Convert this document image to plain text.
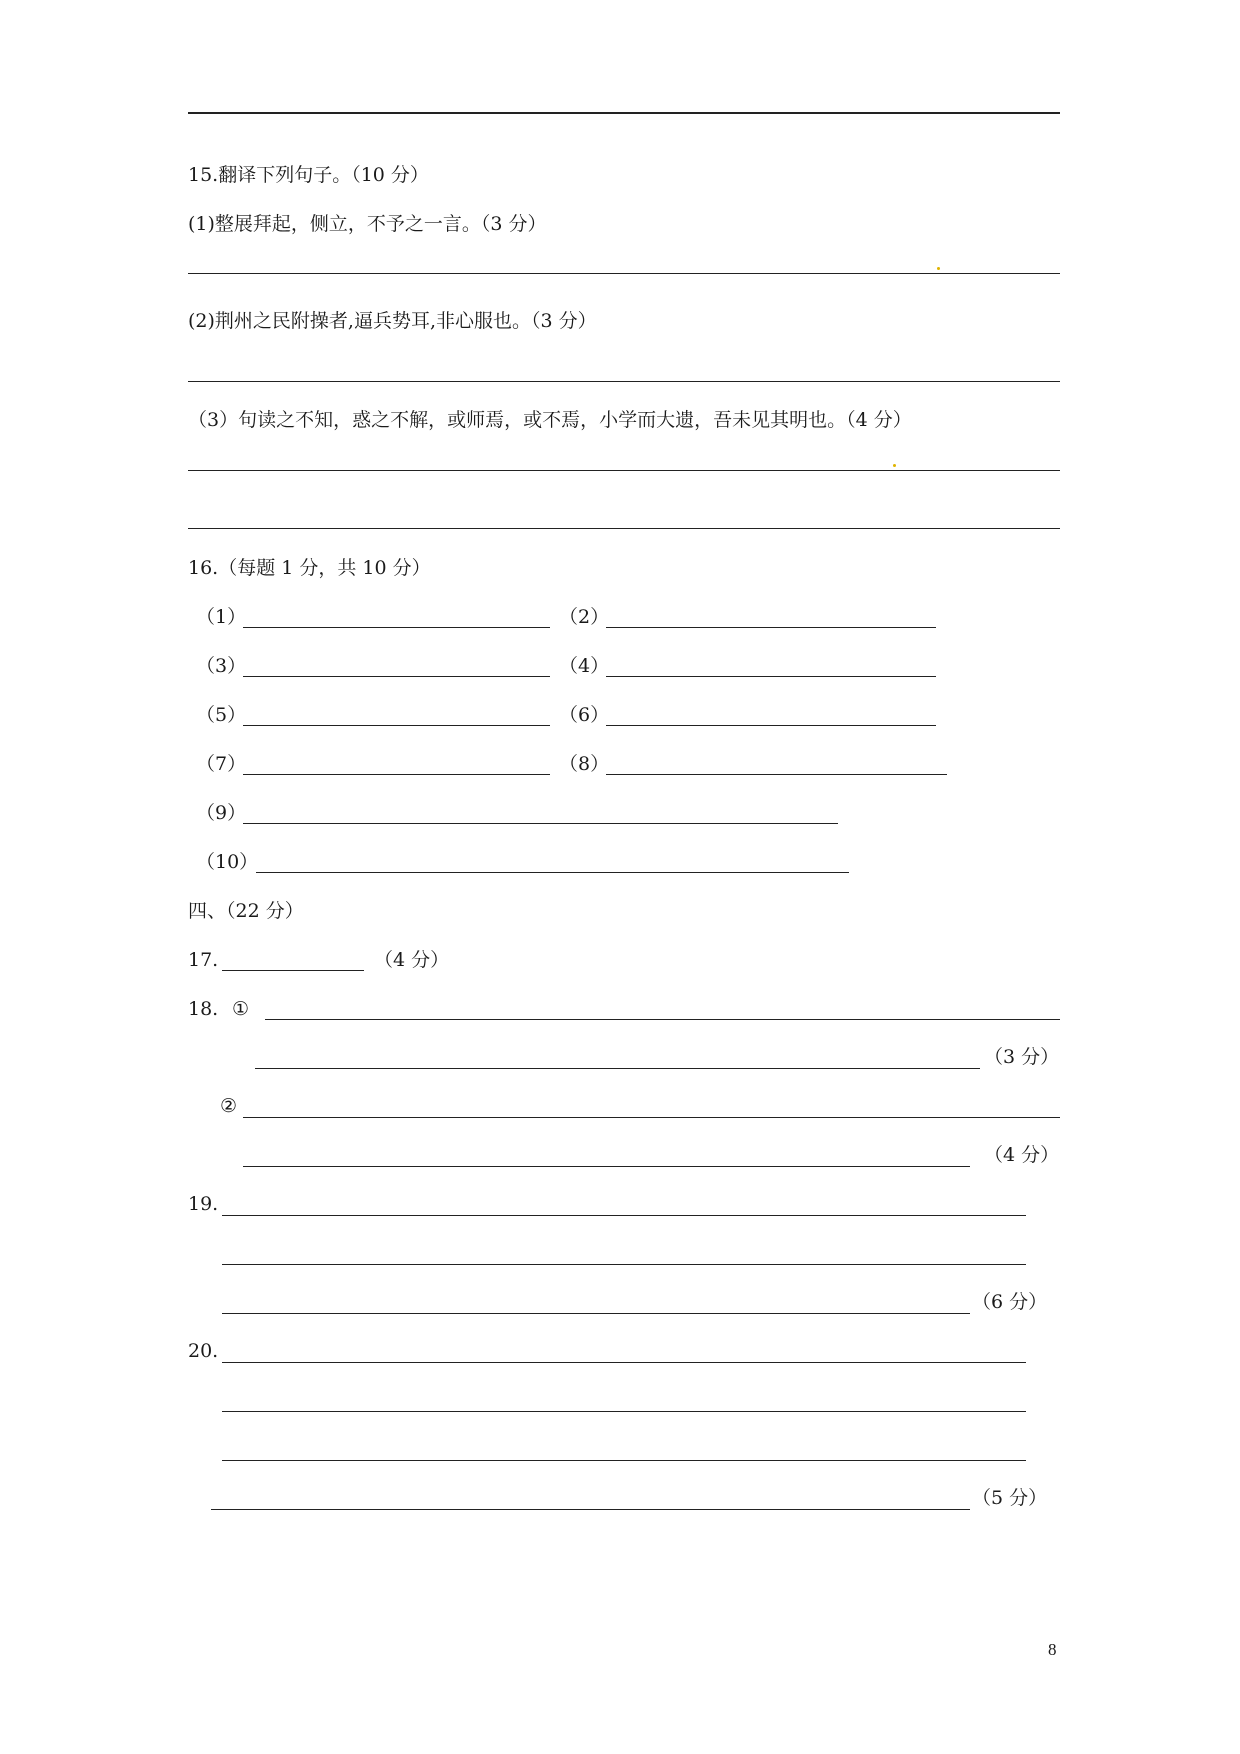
15.翻译下列句子。（10 分）
(1)整展拜起，侧立，不予之一言。（3 分）
(2)荆州之民附操者,逼兵势耳,非心服也。（3 分）
（3）句读之不知，惑之不解，或师焉，或不焉，小学而大遗，吾未见其明也。（4 分）
16.（每题 1 分，共 10 分）
（1）	（2）
（3）	（4）
（5）	（6）
（7）	（8）
（9）
（10）
四、（22 分）
17.	（4 分）
18. ①
（3 分）
②
（4 分）
19.
（6 分）
20.
（5 分）
8
